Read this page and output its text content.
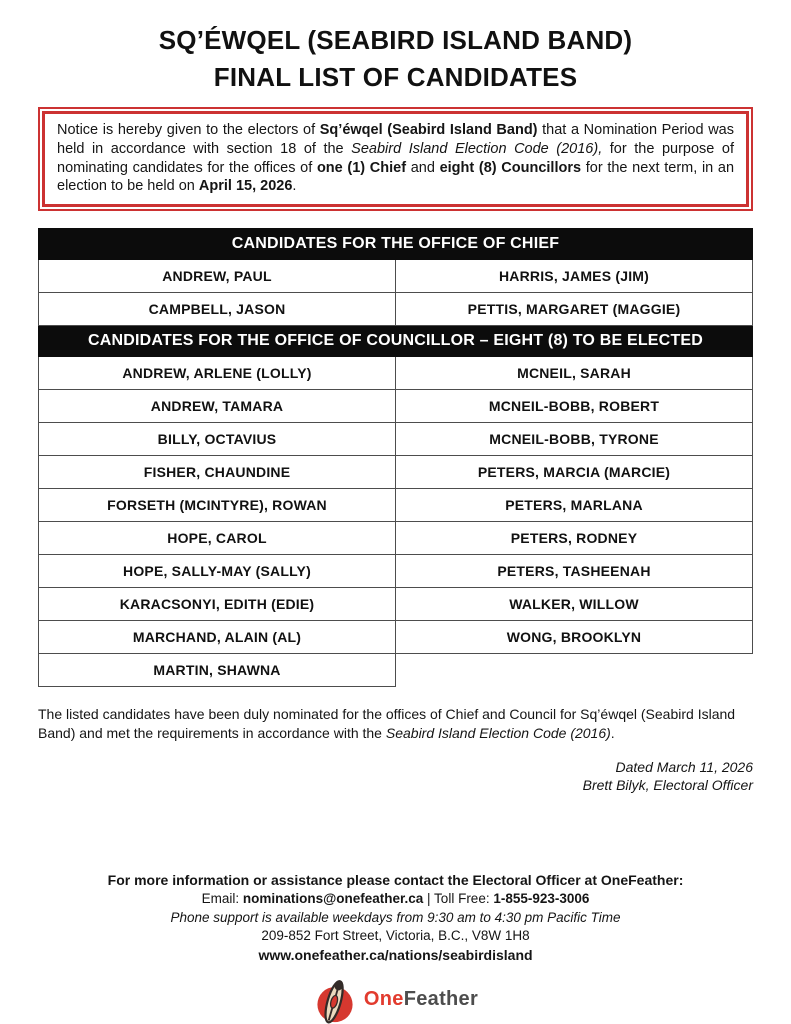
SQ’ÉWQEL (SEABIRD ISLAND BAND)
FINAL LIST OF CANDIDATES

Notice is hereby given to the electors of Sq’éwqel (Seabird Island Band) that a Nomination Period was held in accordance with section 18 of the Seabird Island Election Code (2016), for the purpose of nominating candidates for the offices of one (1) Chief and eight (8) Councillors for the next term, in an election to be held on April 15, 2026.

CANDIDATES FOR THE OFFICE OF CHIEF	
ANDREW, PAUL	HARRIS, JAMES (JIM)
CAMPBELL, JASON	PETTIS, MARGARET (MAGGIE)
CANDIDATES FOR THE OFFICE OF COUNCILLOR – EIGHT (8) TO BE ELECTED	
ANDREW, ARLENE (LOLLY)	MCNEIL, SARAH
ANDREW, TAMARA	MCNEIL-BOBB, ROBERT
BILLY, OCTAVIUS	MCNEIL-BOBB, TYRONE
FISHER, CHAUNDINE	PETERS, MARCIA (MARCIE)
FORSETH (MCINTYRE), ROWAN	PETERS, MARLANA
HOPE, CAROL	PETERS, RODNEY
HOPE, SALLY-MAY (SALLY)	PETERS, TASHEENAH
KARACSONYI, EDITH (EDIE)	WALKER, WILLOW
MARCHAND, ALAIN (AL)	WONG, BROOKLYN
MARTIN, SHAWNA	

The listed candidates have been duly nominated for the offices of Chief and Council for Sq’éwqel (Seabird Island Band) and met the requirements in accordance with the Seabird Island Election Code (2016).

Dated March 11, 2026
Brett Bilyk, Electoral Officer
For more information or assistance please contact the Electoral Officer at OneFeather:
Email: nominations@onefeather.ca | Toll Free: 1-855-923-3006
Phone support is available weekdays from 9:30 am to 4:30 pm Pacific Time
209-852 Fort Street, Victoria, B.C., V8W 1H8
www.onefeather.ca/nations/seabirdisland
OneFeather
